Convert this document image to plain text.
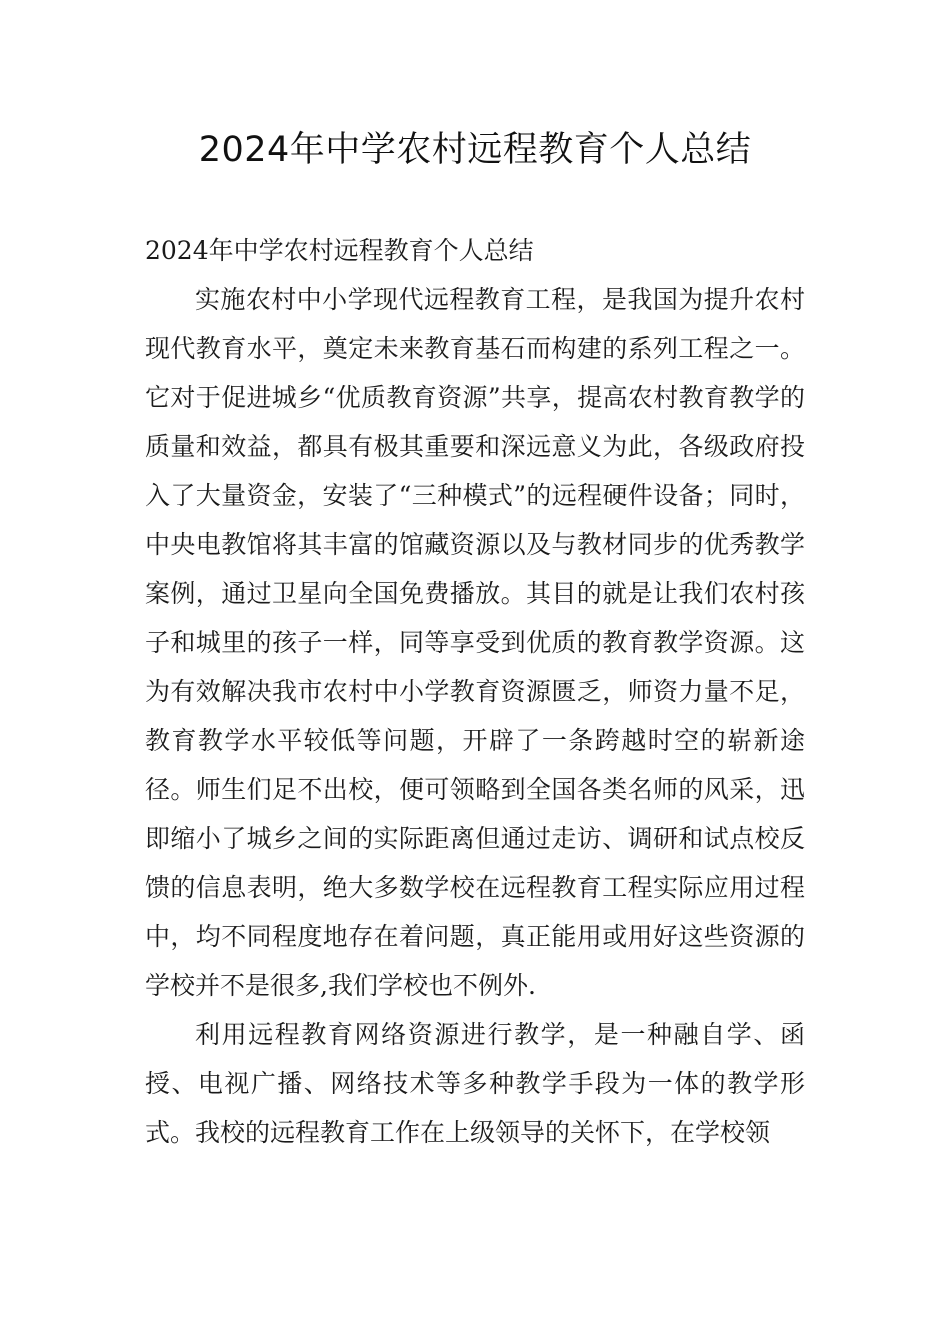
2024年中学农村远程教育个人总结

2024年中学农村远程教育个人总结

实施农村中小学现代远程教育工程，是我国为提升农村现代教育水平，奠定未来教育基石而构建的系列工程之一。它对于促进城乡“优质教育资源”共享，提高农村教育教学的质量和效益，都具有极其重要和深远意义为此，各级政府投入了大量资金，安装了“三种模式”的远程硬件设备；同时，中央电教馆将其丰富的馆藏资源以及与教材同步的优秀教学案例，通过卫星向全国免费播放。其目的就是让我们农村孩子和城里的孩子一样，同等享受到优质的教育教学资源。这为有效解决我市农村中小学教育资源匮乏，师资力量不足，教育教学水平较低等问题，开辟了一条跨越时空的崭新途径。师生们足不出校，便可领略到全国各类名师的风采，迅即缩小了城乡之间的实际距离但通过走访、调研和试点校反馈的信息表明，绝大多数学校在远程教育工程实际应用过程中，均不同程度地存在着问题，真正能用或用好这些资源的学校并不是很多,我们学校也不例外.

利用远程教育网络资源进行教学，是一种融自学、函授、电视广播、网络技术等多种教学手段为一体的教学形式。我校的远程教育工作在上级领导的关怀下，在学校领
